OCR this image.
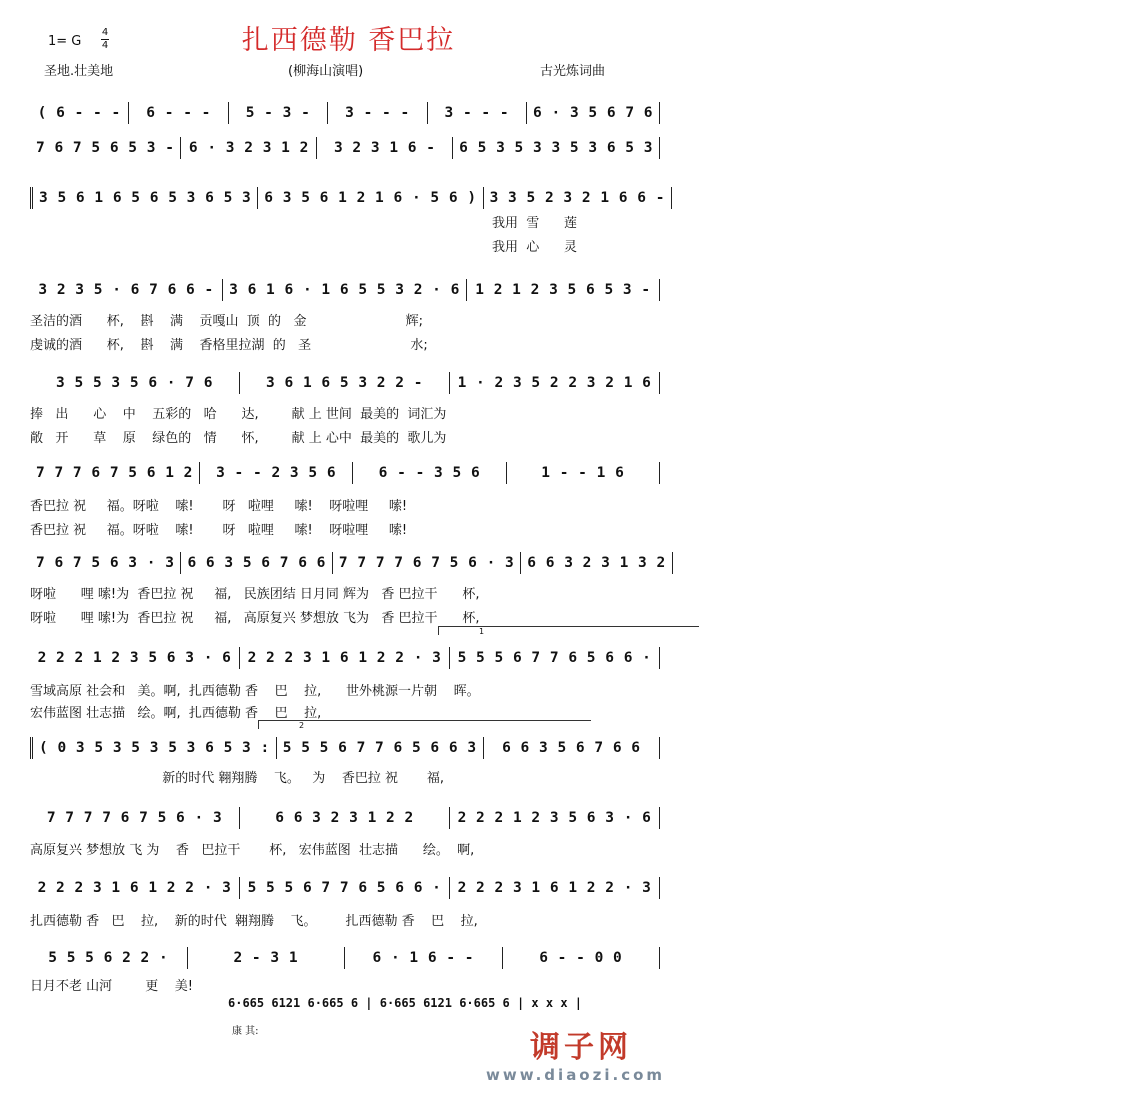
扎西德勒 香巴拉
1= G
4
4
圣地.壮美地	(柳海山演唱)	古光炼词曲
( 6 - - - 6 - - - 5 - 3 - 3 - - - 3 - - - 6 · 3 5 6 7 6
7 6 7 5 6 5 3 - 6 · 3 2 3 1 2 3 2 3 1 6 - 6 5 3 5 3 3 5 3 6 5 3
3 5 6 1 6 5 6 5 3 6 5 3 6 3 5 6 1 2 1 6 · 5 6 ) 3 3 5 2 3 2 1 6 6 -
3 2 3 5 · 6 7 6 6 - 3 6 1 6 · 1 6 5 5 3 2 · 6 1 2 1 2 3 5 6 5 3 -
3 5 5 3 5 6 · 7 6	3 6 1 6 5 3 2 2 - 1 · 2 3 5 2 2 3 2 1 6
7 7 7 6 7 5 6 1 2 3 - - 2 3 5 6	6 - - 3 5 6	1 - - 1 6
7 6 7 5 6 3 · 3 6 6 3 5 6 7 6 6 7 7 7 7 6 7 5 6 · 3 6 6 3 2 3 1 3 2
2 2 2 1 2 3 5 6 3 · 6 2 2 2 3 1 6 1 2 2 · 3 5 5 5 6 7 7 6 5 6 6 ·
( 0 3 5 3 5 3 5 3 6 5 3 : 5 5 5 6 7 7 6 5 6 6 3 6 6 3 5 6 7 6 6
7 7 7 7 6 7 5 6 · 3	6 6 3 2 3 1 2 2	2 2 2 1 2 3 5 6 3 · 6
2 2 2 3 1 6 1 2 2 · 3 5 5 5 6 7 7 6 5 6 6 · 2 2 2 3 1 6 1 2 2 · 3
5 5 5 6 2 2 ·	2 - 3 1	6 · 1 6 - -	6 - - 0 0
我用  雪      莲
我用  心      灵
圣洁的酒      杯,    斟    满    贡嘎山  顶  的   金                        辉;
虔诚的酒      杯,    斟    满    香格里拉湖  的   圣                        水;
捧   出      心    中    五彩的   哈      达,        献 上 世间  最美的  词汇为
敞   开      草    原    绿色的   情      怀,        献 上 心中  最美的  歌儿为
香巴拉 祝     福。呀啦    嗦!       呀   啦哩     嗦!    呀啦哩     嗦!
香巴拉 祝     福。呀啦    嗦!       呀   啦哩     嗦!    呀啦哩     嗦!
呀啦      哩 嗦!为  香巴拉 祝     福,   民族团结 日月同 辉为   香 巴拉干      杯,
呀啦      哩 嗦!为  香巴拉 祝     福,   高原复兴 梦想放 飞为   香 巴拉干      杯,
雪域高原 社会和   美。啊,  扎西德勒 香    巴    拉,      世外桃源一片朝    晖。
宏伟蓝图 壮志描   绘。啊,  扎西德勒 香    巴    拉,
新的时代 翱翔腾    飞。   为    香巴拉 祝       福,
高原复兴 梦想放 飞 为    香   巴拉干       杯,   宏伟蓝图  壮志描      绘。  啊,
扎西德勒 香   巴    拉,    新的时代  翱翔腾    飞。       扎西德勒 香    巴    拉,
日月不老 山河        更    美!
1
2
6·665 6121 6·665 6 | 6·665 6121 6·665 6 | x x x |
康 其:	调子网
www.diaozi.com
